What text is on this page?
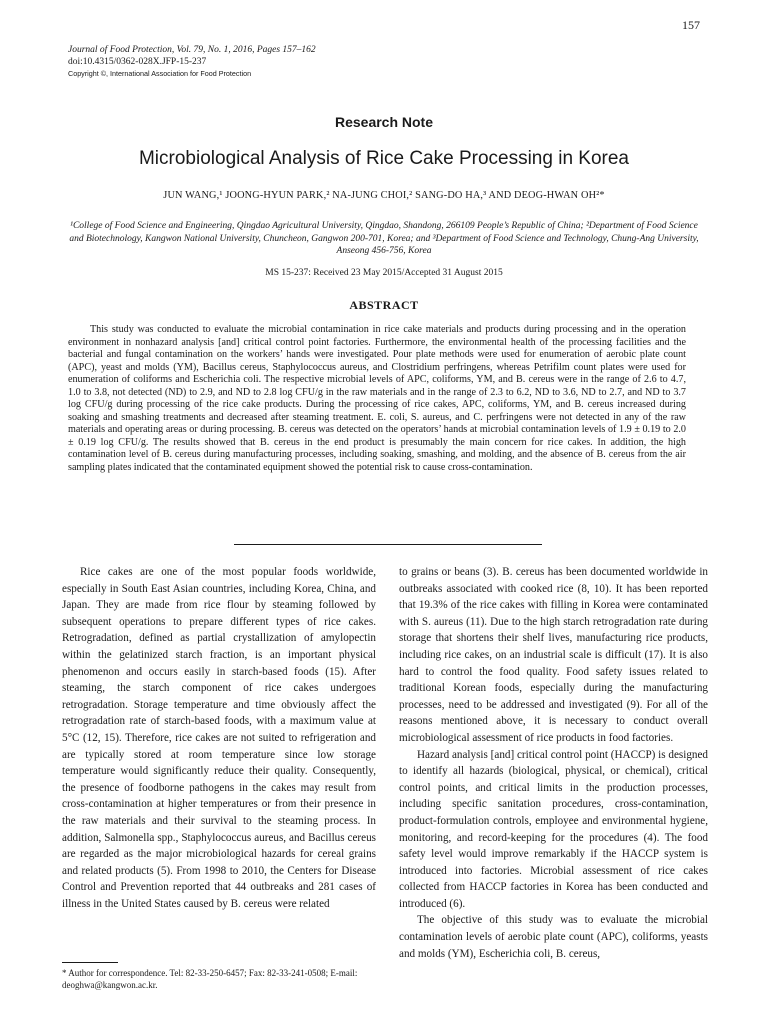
157
Journal of Food Protection, Vol. 79, No. 1, 2016, Pages 157–162
doi:10.4315/0362-028X.JFP-15-237
Copyright ©, International Association for Food Protection
Research Note
Microbiological Analysis of Rice Cake Processing in Korea
JUN WANG,¹ JOONG-HYUN PARK,² NA-JUNG CHOI,² SANG-DO HA,³ AND DEOG-HWAN OH²*
¹College of Food Science and Engineering, Qingdao Agricultural University, Qingdao, Shandong, 266109 People’s Republic of China; ²Department of Food Science and Biotechnology, Kangwon National University, Chuncheon, Gangwon 200-701, Korea; and ³Department of Food Science and Technology, Chung-Ang University, Anseong 456-756, Korea
MS 15-237: Received 23 May 2015/Accepted 31 August 2015
ABSTRACT

This study was conducted to evaluate the microbial contamination in rice cake materials and products during processing and in the operation environment in nonhazard analysis [and] critical control point factories. Furthermore, the environmental health of the processing facilities and the bacterial and fungal contamination on the workers’ hands were investigated. Pour plate methods were used for enumeration of aerobic plate count (APC), yeast and molds (YM), Bacillus cereus, Staphylococcus aureus, and Clostridium perfringens, whereas Petrifilm count plates were used for enumeration of coliforms and Escherichia coli. The respective microbial levels of APC, coliforms, YM, and B. cereus were in the range of 2.6 to 4.7, 1.0 to 3.8, not detected (ND) to 2.9, and ND to 2.8 log CFU/g in the raw materials and in the range of 2.3 to 6.2, ND to 3.6, ND to 2.7, and ND to 3.7 log CFU/g during processing of the rice cake products. During the processing of rice cakes, APC, coliforms, YM, and B. cereus increased during soaking and smashing treatments and decreased after steaming treatment. E. coli, S. aureus, and C. perfringens were not detected in any of the raw materials and operating areas or during processing. B. cereus was detected on the operators’ hands at microbial contamination levels of 1.9 ± 0.19 to 2.0 ± 0.19 log CFU/g. The results showed that B. cereus in the end product is presumably the main concern for rice cakes. In addition, the high contamination level of B. cereus during manufacturing processes, including soaking, smashing, and molding, and the absence of B. cereus from the air sampling plates indicated that the contaminated equipment showed the potential risk to cause cross-contamination.

Rice cakes are one of the most popular foods worldwide, especially in South East Asian countries, including Korea, China, and Japan. They are made from rice flour by steaming followed by subsequent operations to prepare different types of rice cakes. Retrogradation, defined as partial crystallization of amylopectin within the gelatinized starch fraction, is an important physical phenomenon and occurs easily in starch-based foods (15). After steaming, the starch component of rice cakes undergoes retrogradation. Storage temperature and time obviously affect the retrogradation rate of starch-based foods, with a maximum value at 5°C (12, 15). Therefore, rice cakes are not suited to refrigeration and are typically stored at room temperature since low storage temperature would significantly reduce their quality. Consequently, the presence of foodborne pathogens in the cakes may result from cross-contamination at higher temperatures or from their presence in the raw materials and their survival to the steaming process. In addition, Salmonella spp., Staphylococcus aureus, and Bacillus cereus are regarded as the major microbiological hazards for cereal grains and related products (5). From 1998 to 2010, the Centers for Disease Control and Prevention reported that 44 outbreaks and 281 cases of illness in the United States caused by B. cereus were related

to grains or beans (3). B. cereus has been documented worldwide in outbreaks associated with cooked rice (8, 10). It has been reported that 19.3% of the rice cakes with filling in Korea were contaminated with S. aureus (11). Due to the high starch retrogradation rate during storage that shortens their shelf lives, manufacturing rice products, including rice cakes, on an industrial scale is difficult (17). It is also hard to control the food quality. Food safety issues related to traditional Korean foods, especially during the manufacturing processes, need to be addressed and investigated (9). For all of the reasons mentioned above, it is necessary to conduct overall microbiological assessment of rice products in food factories.

Hazard analysis [and] critical control point (HACCP) is designed to identify all hazards (biological, physical, or chemical), critical control points, and critical limits in the production processes, including specific sanitation procedures, cross-contamination, product-formulation controls, employee and environmental hygiene, monitoring, and record-keeping for the procedures (4). The food safety level would improve remarkably if the HACCP system is introduced into factories. Microbial assessment of rice cakes collected from HACCP factories in Korea has been conducted and introduced (6).

The objective of this study was to evaluate the microbial contamination levels of aerobic plate count (APC), coliforms, yeasts and molds (YM), Escherichia coli, B. cereus,

* Author for correspondence. Tel: 82-33-250-6457; Fax: 82-33-241-0508; E-mail: deoghwa@kangwon.ac.kr.
